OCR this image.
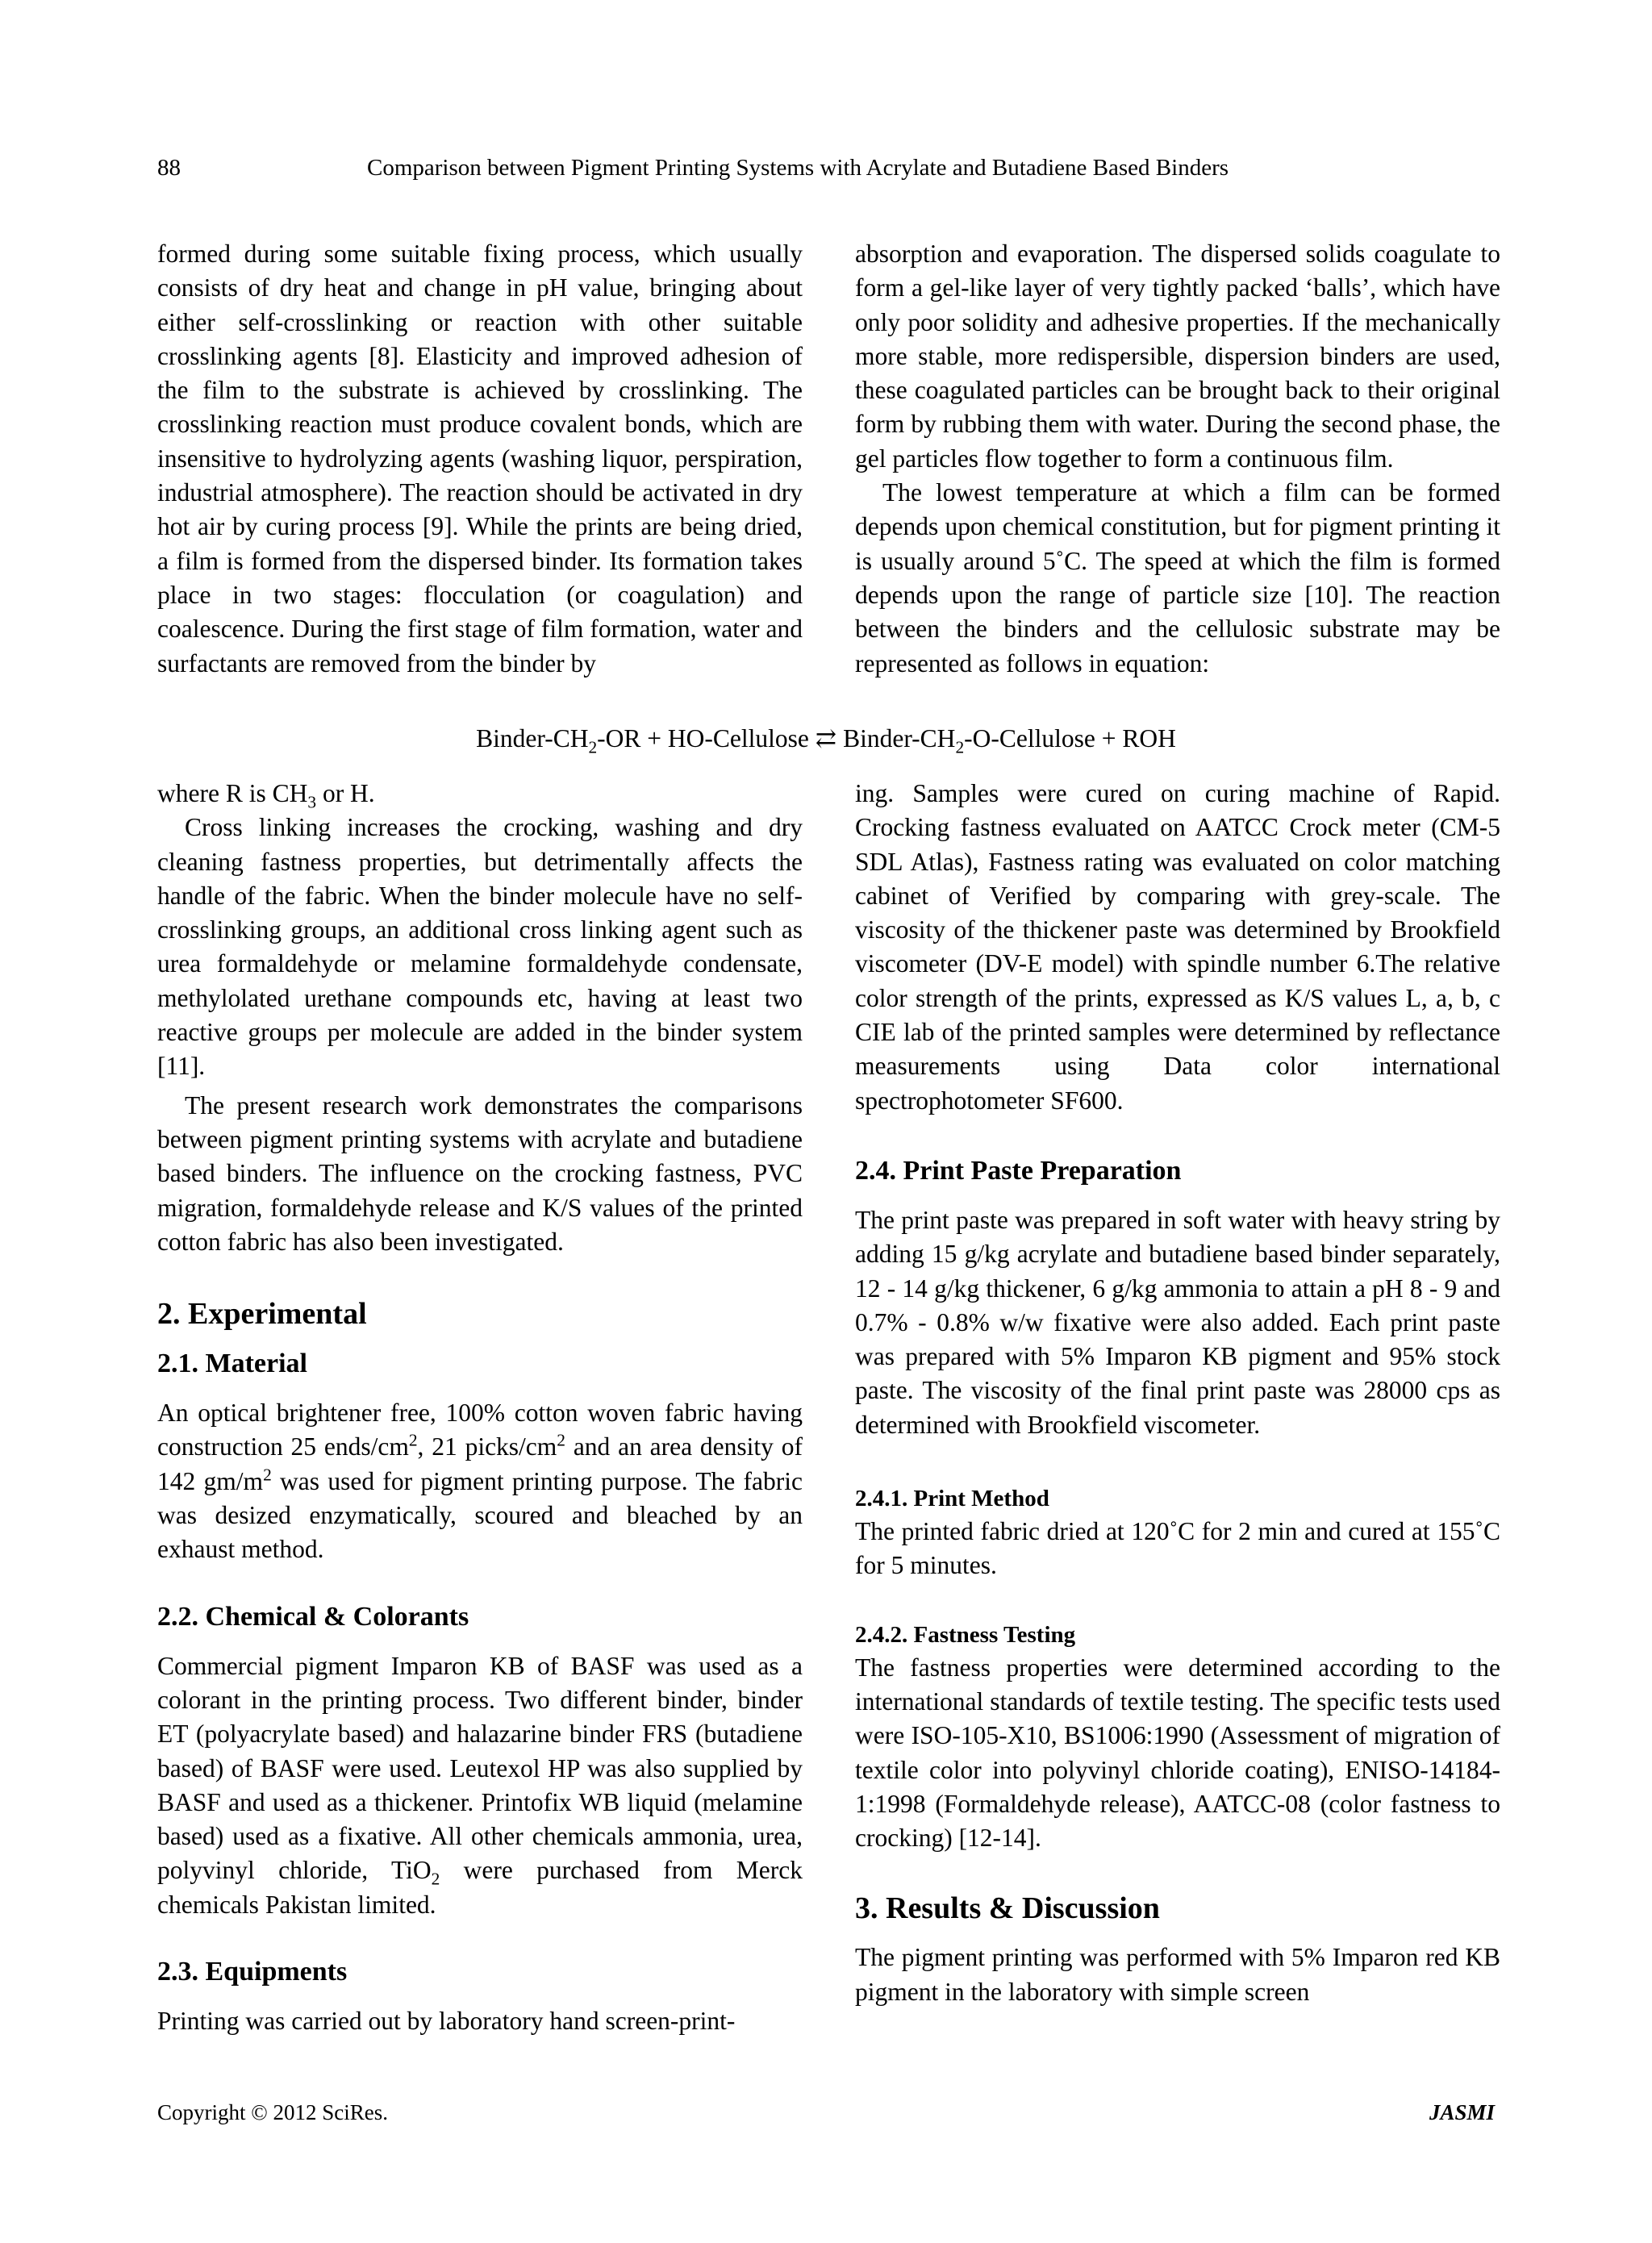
88	Comparison between Pigment Printing Systems with Acrylate and Butadiene Based Binders

formed during some suitable fixing process, which usually consists of dry heat and change in pH value, bringing about either self-crosslinking or reaction with other suitable crosslinking agents [8]. Elasticity and improved adhesion of the film to the substrate is achieved by crosslinking. The crosslinking reaction must produce covalent bonds, which are insensitive to hydrolyzing agents (washing liquor, perspiration, industrial atmosphere). The reaction should be activated in dry hot air by curing process [9]. While the prints are being dried, a film is formed from the dispersed binder. Its formation takes place in two stages: flocculation (or coagulation) and coalescence. During the first stage of film formation, water and surfactants are removed from the binder by

absorption and evaporation. The dispersed solids coagulate to form a gel-like layer of very tightly packed ‘balls’, which have only poor solidity and adhesive properties. If the mechanically more stable, more redispersible, dispersion binders are used, these coagulated particles can be brought back to their original form by rubbing them with water. During the second phase, the gel particles flow together to form a continuous film.

The lowest temperature at which a film can be formed depends upon chemical constitution, but for pigment printing it is usually around 5˚C. The speed at which the film is formed depends upon the range of particle size [10]. The reaction between the binders and the cellulosic substrate may be represented as follows in equation:

Binder-$CH_2-OR$ + HO-Cellulose ⇄ Binder-$CH_2-O$-Cellulose + ROH

where R is $CH_3$ or H.

Cross linking increases the crocking, washing and dry cleaning fastness properties, but detrimentally affects the handle of the fabric. When the binder molecule have no self-crosslinking groups, an additional cross linking agent such as urea formaldehyde or melamine formaldehyde condensate, methylolated urethane compounds etc, having at least two reactive groups per molecule are added in the binder system [11].

The present research work demonstrates the comparisons between pigment printing systems with acrylate and butadiene based binders. The influence on the crocking fastness, PVC migration, formaldehyde release and K/S values of the printed cotton fabric has also been investigated.

2. Experimental
2.1. Material

An optical brightener free, 100% cotton woven fabric having construction 25 ends/$cm^2$, 21 picks/$cm^2$ and an area density of 142 $gm/m^2$ was used for pigment printing purpose. The fabric was desized enzymatically, scoured and bleached by an exhaust method.

2.2. Chemical & Colorants

Commercial pigment Imparon KB of BASF was used as a colorant in the printing process. Two different binder, binder ET (polyacrylate based) and halazarine binder FRS (butadiene based) of BASF were used. Leutexol HP was also supplied by BASF and used as a thickener. Printofix WB liquid (melamine based) used as a fixative. All other chemicals ammonia, urea, polyvinyl chloride, TiO$_2$ were purchased from Merck chemicals Pakistan limited.

2.3. Equipments

Printing was carried out by laboratory hand screen-print-

ing. Samples were cured on curing machine of Rapid. Crocking fastness evaluated on AATCC Crock meter (CM-5 SDL Atlas), Fastness rating was evaluated on color matching cabinet of Verified by comparing with grey-scale. The viscosity of the thickener paste was determined by Brookfield viscometer (DV-E model) with spindle number 6.The relative color strength of the prints, expressed as K/S values L, a, b, c CIE lab of the printed samples were determined by reflectance measurements using Data color international spectrophotometer SF600.

2.4. Print Paste Preparation

The print paste was prepared in soft water with heavy string by adding 15 g/kg acrylate and butadiene based binder separately, 12 - 14 g/kg thickener, 6 g/kg ammonia to attain a pH 8 - 9 and 0.7% - 0.8% w/w fixative were also added. Each print paste was prepared with 5% Imparon KB pigment and 95% stock paste. The viscosity of the final print paste was 28000 cps as determined with Brookfield viscometer.

2.4.1. Print Method

The printed fabric dried at 120˚C for 2 min and cured at 155˚C for 5 minutes.

2.4.2. Fastness Testing

The fastness properties were determined according to the international standards of textile testing. The specific tests used were ISO-105-X10, BS1006:1990 (Assessment of migration of textile color into polyvinyl chloride coating), ENISO-14184-1:1998 (Formaldehyde release), AATCC-08 (color fastness to crocking) [12-14].

3. Results & Discussion

The pigment printing was performed with 5% Imparon red KB pigment in the laboratory with simple screen

Copyright © 2012 SciRes.	JASMI
